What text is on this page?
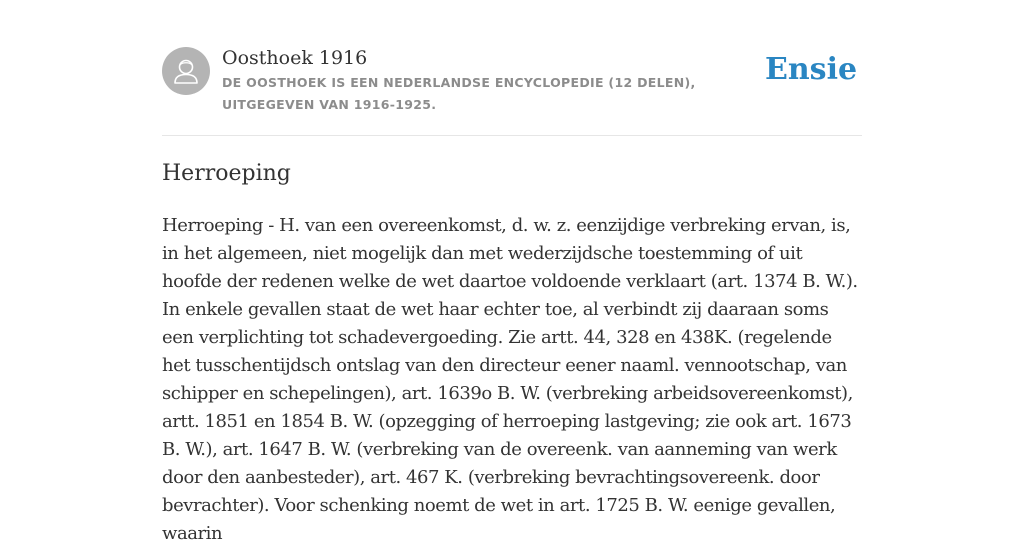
Oosthoek 1916
DE OOSTHOEK IS EEN NEDERLANDSE ENCYCLOPEDIE (12 DELEN), UITGEGEVEN VAN 1916-1925.
Ensie
Herroeping

Herroeping - H. van een overeenkomst, d. w. z. eenzijdige verbreking ervan, is, in het algemeen, niet mogelijk dan met wederzijdsche toestemming of uit hoofde der redenen welke de wet daartoe voldoende verklaart (art. 1374 B. W.). In enkele gevallen staat de wet haar echter toe, al verbindt zij daaraan soms een verplichting tot schadevergoeding. Zie artt. 44, 328 en 438K. (regelende het tusschentijdsch ontslag van den directeur eener naaml. vennootschap, van schipper en schepelingen), art. 1639o B. W. (verbreking arbeidsovereenkomst), artt. 1851 en 1854 B. W. (opzegging of herroeping lastgeving; zie ook art. 1673 B. W.), art. 1647 B. W. (verbreking van de overeenk. van aanneming van werk door den aanbesteder), art. 467 K. (verbreking bevrachtingsovereenk. door bevrachter). Voor schenking noemt de wet in art. 1725 B. W. eenige gevallen, waarin
